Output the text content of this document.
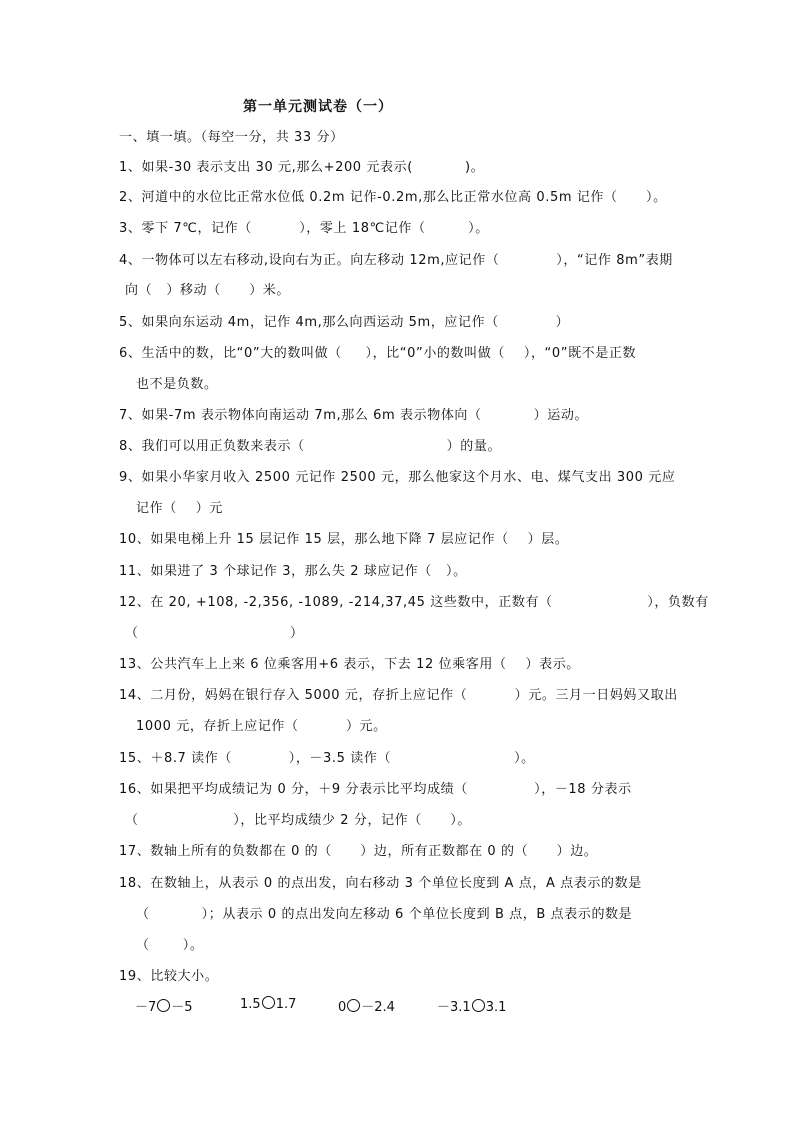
第一单元测试卷（一）
一、填一填。（每空一分，共 33 分）
1、如果-30 表示支出 30 元,那么+200 元表示(           )。
2、河道中的水位比正常水位低 0.2m 记作-0.2m,那么比正常水位高 0.5m 记作（      ）。
3、零下 7℃，记作（          ），零上 18℃记作（         ）。
4、一物体可以左右移动,设向右为正。向左移动 12m,应记作（            ），“记作 8m”表期
向（   ）移动（      ）米。
5、如果向东运动 4m，记作 4m,那么向西运动 5m，应记作（            ）
6、生活中的数，比“0”大的数叫做（     ），比“0”小的数叫做（    ），“0”既不是正数
也不是负数。
7、如果-7m 表示物体向南运动 7m,那么 6m 表示物体向（           ）运动。
8、我们可以用正负数来表示（                              ）的量。
9、如果小华家月收入 2500 元记作 2500 元，那么他家这个月水、电、煤气支出 300 元应
记作（    ）元
10、如果电梯上升 15 层记作 15 层，那么地下降 7 层应记作（    ）层。
11、如果进了 3 个球记作 3，那么失 2 球应记作（   ）。
12、在 20, +108, -2,356, -1089, -214,37,45 这些数中，正数有（                    ），负数有
（                                ）
13、公共汽车上上来 6 位乘客用+6 表示，下去 12 位乘客用（    ）表示。
14、二月份，妈妈在银行存入 5000 元，存折上应记作（          ）元。三月一日妈妈又取出
1000 元，存折上应记作（          ）元。
15、＋8.7 读作（            ），－3.5 读作（                          ）。
16、如果把平均成绩记为 0 分，＋9 分表示比平均成绩（              ），－18 分表示
（                    ），比平均成绩少 2 分，记作（      ）。
17、数轴上所有的负数都在 0 的（      ）边，所有正数都在 0 的（      ）边。
18、在数轴上，从表示 0 的点出发，向右移动 3 个单位长度到 A 点，A 点表示的数是
（           ）；从表示 0 的点出发向左移动 6 个单位长度到 B 点，B 点表示的数是
（       ）。
19、比较大小。
－7 －5	1.5 1.7	0 －2.4	－3.1 3.1
